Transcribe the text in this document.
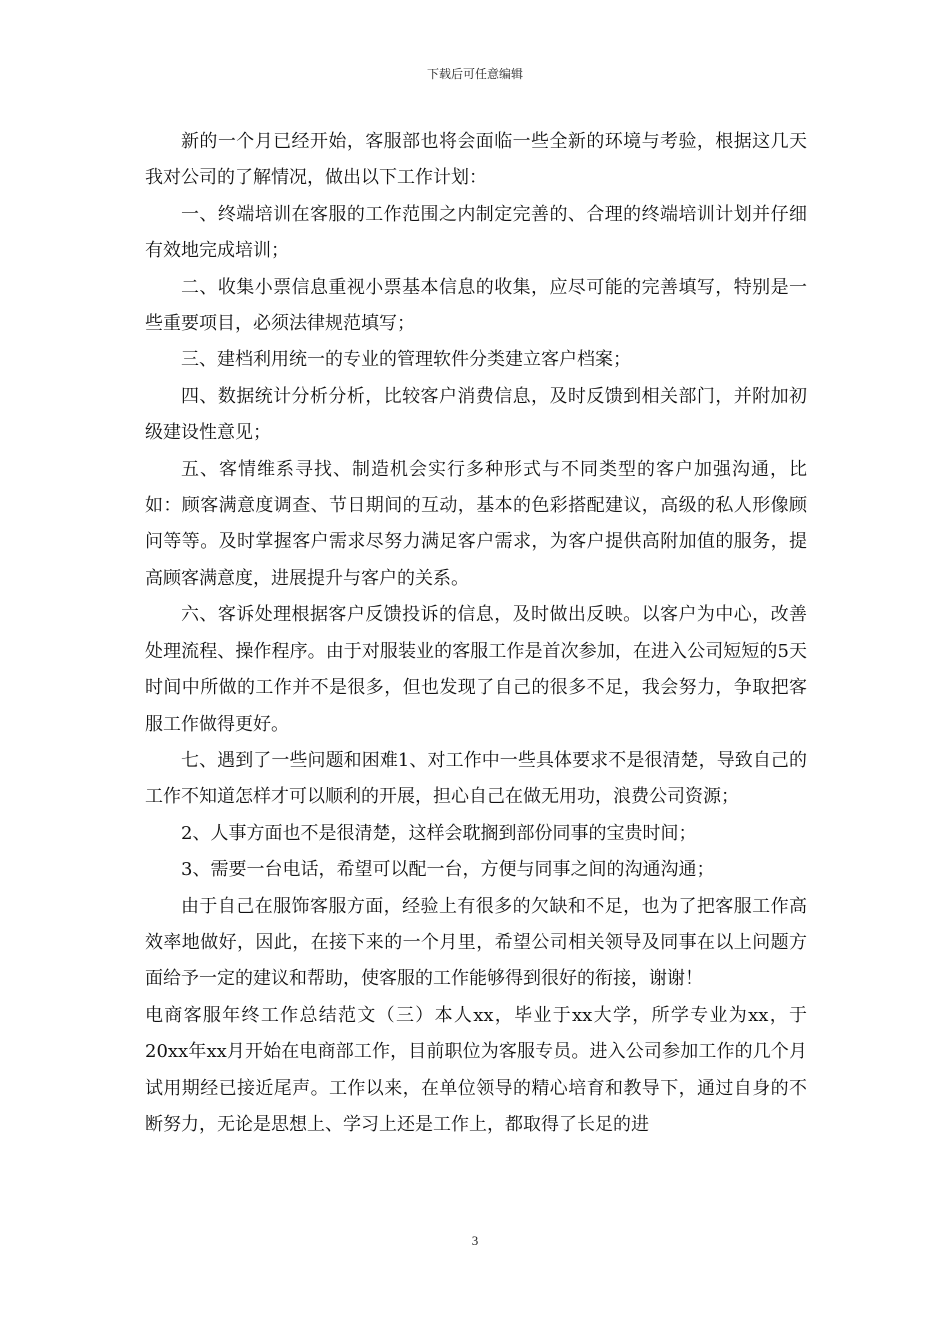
下载后可任意编辑

新的一个月已经开始，客服部也将会面临一些全新的环境与考验，根据这几天我对公司的了解情况，做出以下工作计划：

一、终端培训在客服的工作范围之内制定完善的、合理的终端培训计划并仔细有效地完成培训；

二、收集小票信息重视小票基本信息的收集，应尽可能的完善填写，特别是一些重要项目，必须法律规范填写；

三、建档利用统一的专业的管理软件分类建立客户档案；

四、数据统计分析分析，比较客户消费信息，及时反馈到相关部门，并附加初级建设性意见；

五、客情维系寻找、制造机会实行多种形式与不同类型的客户加强沟通，比如：顾客满意度调查、节日期间的互动，基本的色彩搭配建议，高级的私人形像顾问等等。及时掌握客户需求尽努力满足客户需求，为客户提供高附加值的服务，提高顾客满意度，进展提升与客户的关系。

六、客诉处理根据客户反馈投诉的信息，及时做出反映。以客户为中心，改善处理流程、操作程序。由于对服装业的客服工作是首次参加，在进入公司短短的5天时间中所做的工作并不是很多，但也发现了自己的很多不足，我会努力，争取把客服工作做得更好。

七、遇到了一些问题和困难1、对工作中一些具体要求不是很清楚，导致自己的工作不知道怎样才可以顺利的开展，担心自己在做无用功，浪费公司资源；

2、人事方面也不是很清楚，这样会耽搁到部份同事的宝贵时间；

3、需要一台电话，希望可以配一台，方便与同事之间的沟通沟通；

由于自己在服饰客服方面，经验上有很多的欠缺和不足，也为了把客服工作高效率地做好，因此，在接下来的一个月里，希望公司相关领导及同事在以上问题方面给予一定的建议和帮助，使客服的工作能够得到很好的衔接，谢谢！

电商客服年终工作总结范文（三）本人xx，毕业于xx大学，所学专业为xx，于20xx年xx月开始在电商部工作，目前职位为客服专员。进入公司参加工作的几个月试用期经已接近尾声。工作以来，在单位领导的精心培育和教导下，通过自身的不断努力，无论是思想上、学习上还是工作上，都取得了长足的进

3
